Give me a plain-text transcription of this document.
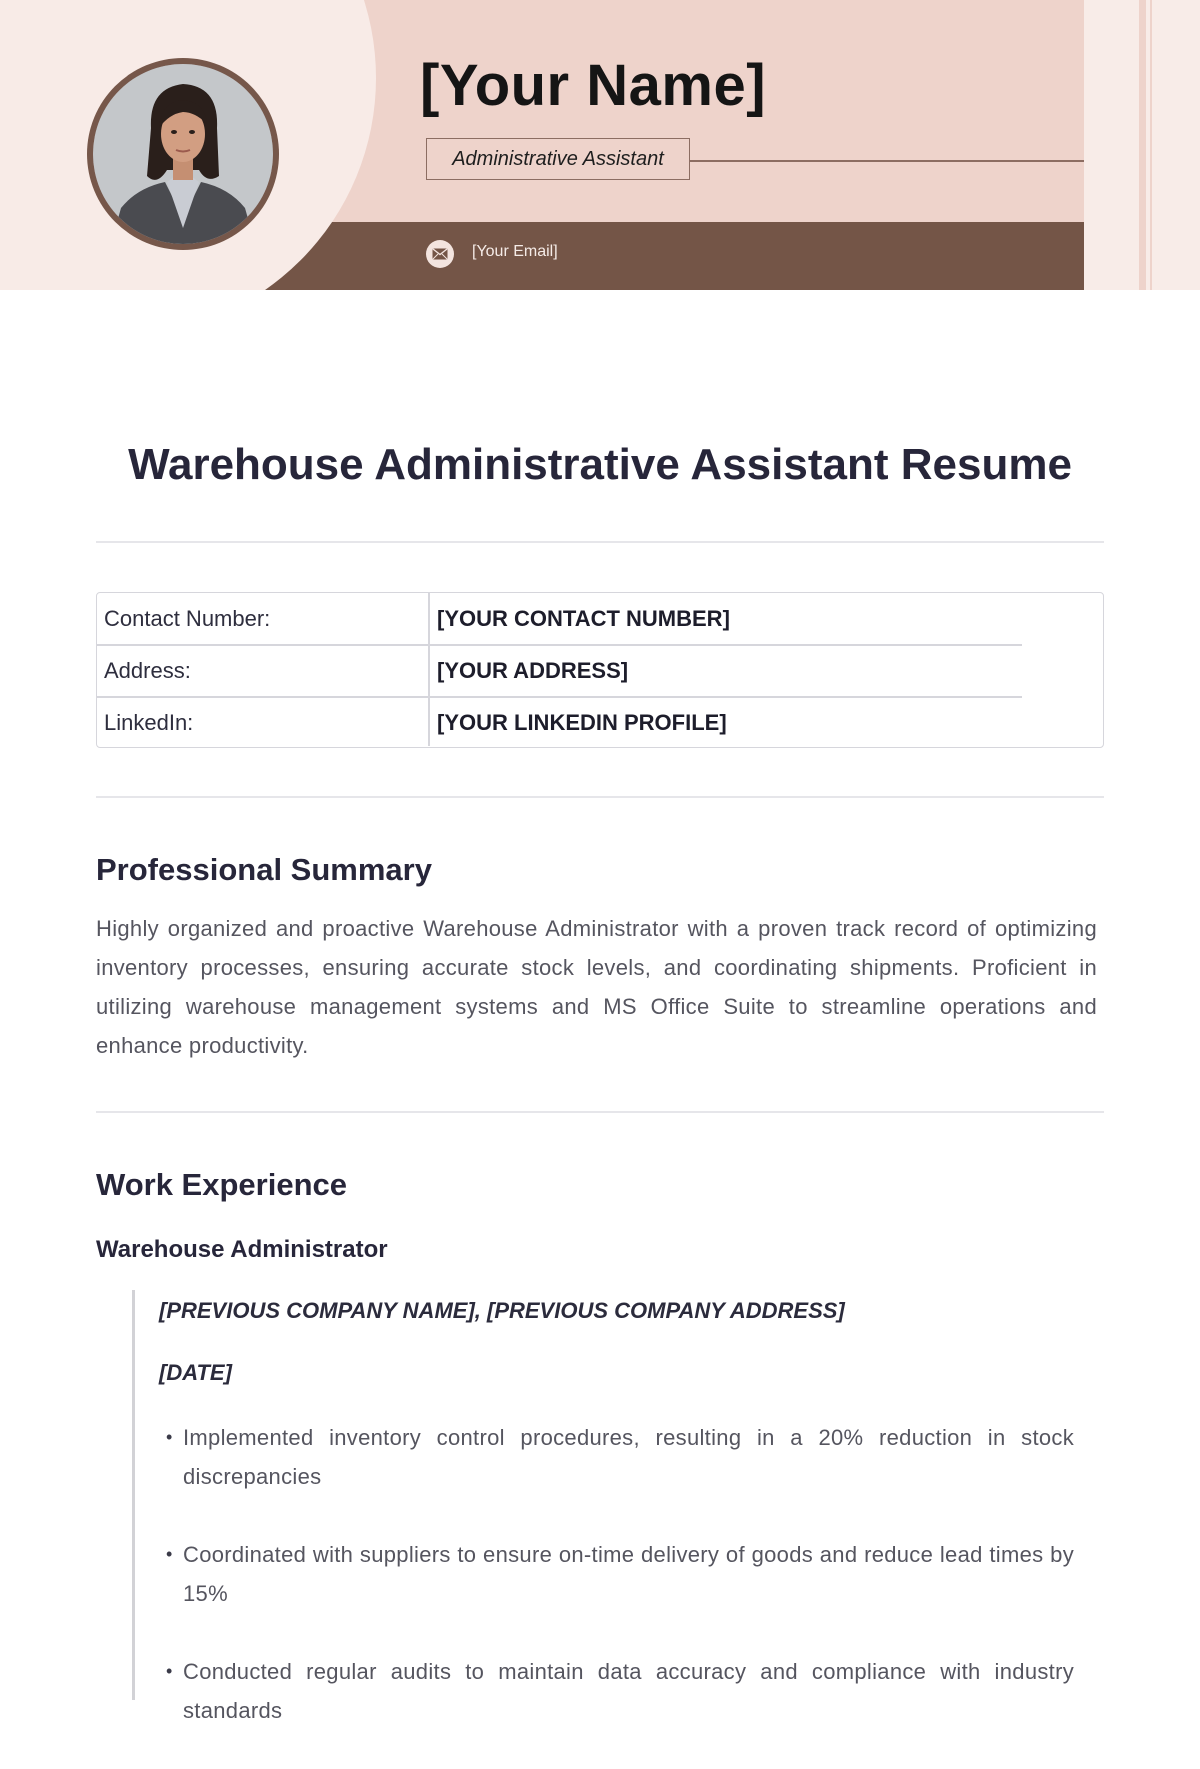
[Your Name]
Administrative Assistant
[Your Email]
Warehouse Administrative Assistant Resume
Contact Number:	[YOUR CONTACT NUMBER]
Address:	[YOUR ADDRESS]
LinkedIn:	[YOUR LINKEDIN PROFILE]
Professional Summary
Highly organized and proactive Warehouse Administrator with a proven track record of optimizing inventory processes, ensuring accurate stock levels, and coordinating shipments. Proficient in utilizing warehouse management systems and MS Office Suite to streamline operations and enhance productivity.
Work Experience
Warehouse Administrator
[PREVIOUS COMPANY NAME], [PREVIOUS COMPANY ADDRESS]
[DATE]
• Implemented inventory control procedures, resulting in a 20% reduction in stock discrepancies
• Coordinated with suppliers to ensure on-time delivery of goods and reduce lead times by 15%
• Conducted regular audits to maintain data accuracy and compliance with industry standards
